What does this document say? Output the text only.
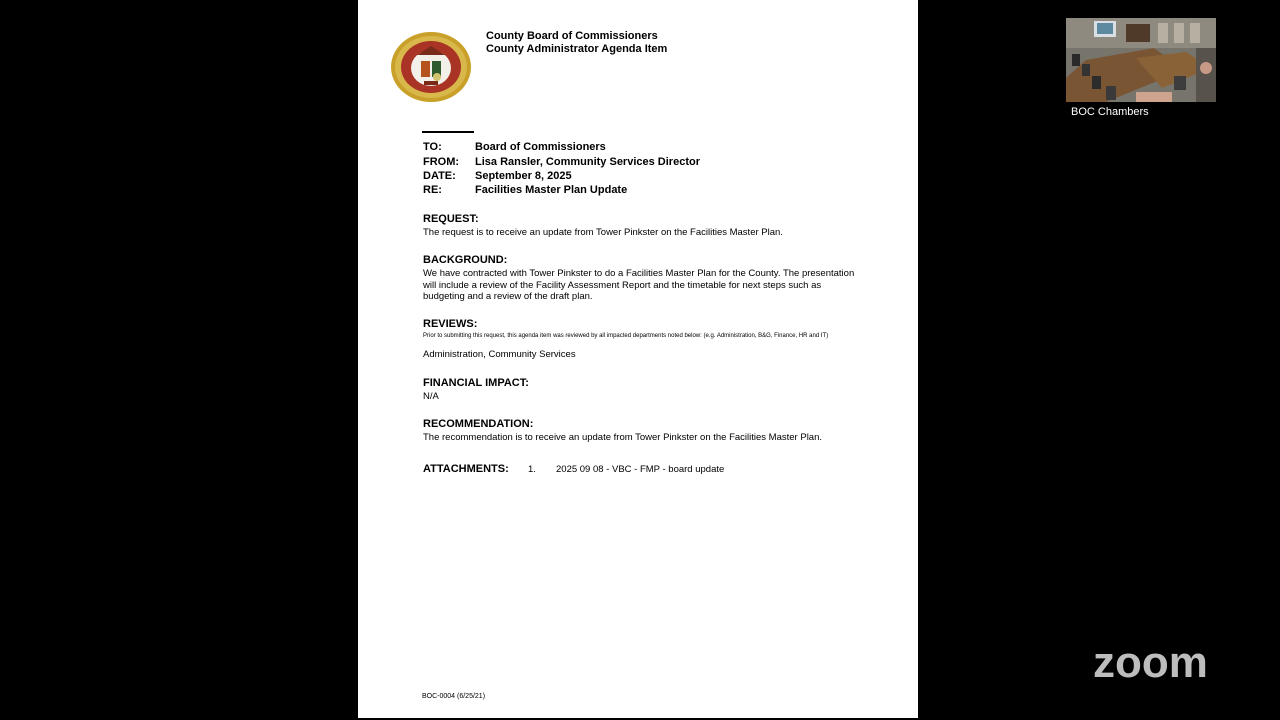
County Board of Commissioners
County Administrator Agenda Item
TO:	Board of Commissioners
FROM: Lisa Ransler, Community Services Director
DATE: September 8, 2025
RE:	Facilities Master Plan Update
REQUEST:
The request is to receive an update from Tower Pinkster on the Facilities Master Plan.
BACKGROUND:
We have contracted with Tower Pinkster to do a Facilities Master Plan for the County. The presentation will include a review of the Facility Assessment Report and the timetable for next steps such as budgeting and a review of the draft plan.
REVIEWS:
Prior to submitting this request, this agenda item was reviewed by all impacted departments noted below: (e.g. Administration, B&G, Finance, HR and IT)
Administration, Community Services
FINANCIAL IMPACT:
N/A
RECOMMENDATION:
The recommendation is to receive an update from Tower Pinkster on the Facilities Master Plan.
ATTACHMENTS: 1. 2025 09 08 - VBC - FMP - board update
BOC-0004 (6/25/21)
BOC Chambers
zoom
